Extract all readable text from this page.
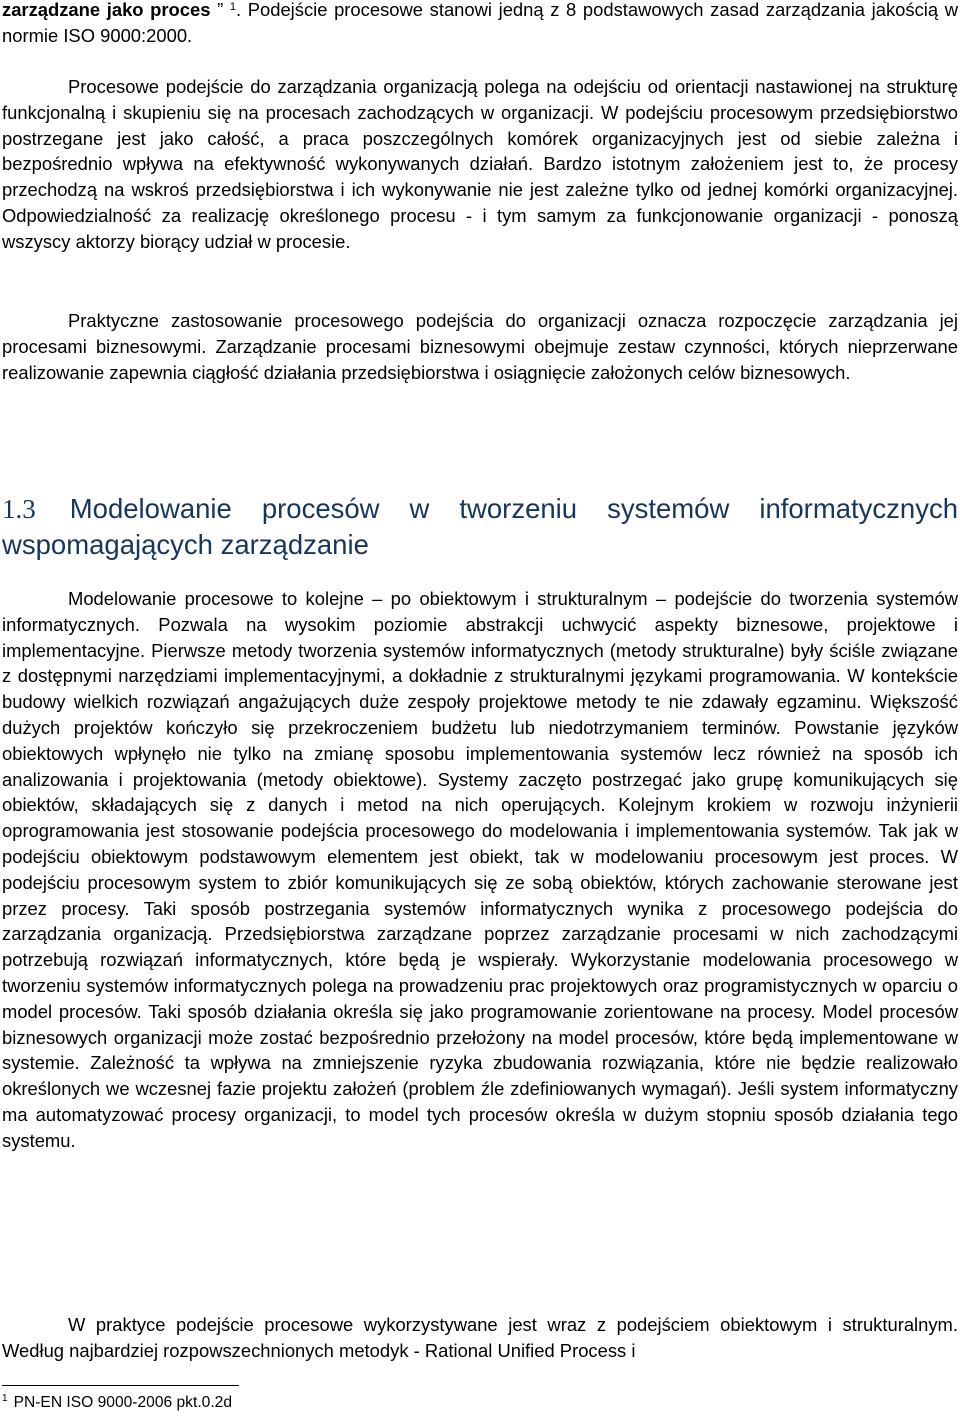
zarządzane jako proces ” $^1$. Podejście procesowe stanowi jedną z 8 podstawowych zasad zarządzania jakością w normie ISO 9000:2000.

Procesowe podejście do zarządzania organizacją polega na odejściu od orientacji nastawionej na strukturę funkcjonalną i skupieniu się na procesach zachodzących w organizacji. W podejściu procesowym przedsiębiorstwo postrzegane jest jako całość, a praca poszczególnych komórek organizacyjnych jest od siebie zależna i bezpośrednio wpływa na efektywność wykonywanych działań. Bardzo istotnym założeniem jest to, że procesy przechodzą na wskroś przedsiębiorstwa i ich wykonywanie nie jest zależne tylko od jednej komórki organizacyjnej. Odpowiedzialność za realizację określonego procesu - i tym samym za funkcjonowanie organizacji - ponoszą wszyscy aktorzy biorący udział w procesie.

Praktyczne zastosowanie procesowego podejścia do organizacji oznacza rozpoczęcie zarządzania jej procesami biznesowymi. Zarządzanie procesami biznesowymi obejmuje zestaw czynności, których nieprzerwane realizowanie zapewnia ciągłość działania przedsiębiorstwa i osiągnięcie założonych celów biznesowych.

1.3 Modelowanie procesów w tworzeniu systemów informatycznych wspomagających zarządzanie

Modelowanie procesowe to kolejne – po obiektowym i strukturalnym – podejście do tworzenia systemów informatycznych. Pozwala na wysokim poziomie abstrakcji uchwycić aspekty biznesowe, projektowe i implementacyjne. Pierwsze metody tworzenia systemów informatycznych (metody strukturalne) były ściśle związane z dostępnymi narzędziami implementacyjnymi, a dokładnie z strukturalnymi językami programowania. W kontekście budowy wielkich rozwiązań angażujących duże zespoły projektowe metody te nie zdawały egzaminu. Większość dużych projektów kończyło się przekroczeniem budżetu lub niedotrzymaniem terminów. Powstanie języków obiektowych wpłynęło nie tylko na zmianę sposobu implementowania systemów lecz również na sposób ich analizowania i projektowania (metody obiektowe). Systemy zaczęto postrzegać jako grupę komunikujących się obiektów, składających się z danych i metod na nich operujących. Kolejnym krokiem w rozwoju inżynierii oprogramowania jest stosowanie podejścia procesowego do modelowania i implementowania systemów. Tak jak w podejściu obiektowym podstawowym elementem jest obiekt, tak w modelowaniu procesowym jest proces. W podejściu procesowym system to zbiór komunikujących się ze sobą obiektów, których zachowanie sterowane jest przez procesy. Taki sposób postrzegania systemów informatycznych wynika z procesowego podejścia do zarządzania organizacją. Przedsiębiorstwa zarządzane poprzez zarządzanie procesami w nich zachodzącymi potrzebują rozwiązań informatycznych, które będą je wspierały. Wykorzystanie modelowania procesowego w tworzeniu systemów informatycznych polega na prowadzeniu prac projektowych oraz programistycznych w oparciu o model procesów. Taki sposób działania określa się jako programowanie zorientowane na procesy. Model procesów biznesowych organizacji może zostać bezpośrednio przełożony na model procesów, które będą implementowane w systemie. Zależność ta wpływa na zmniejszenie ryzyka zbudowania rozwiązania, które nie będzie realizowało określonych we wczesnej fazie projektu założeń (problem źle zdefiniowanych wymagań). Jeśli system informatyczny ma automatyzować procesy organizacji, to model tych procesów określa w dużym stopniu sposób działania tego systemu.

W praktyce podejście procesowe wykorzystywane jest wraz z podejściem obiektowym i strukturalnym. Według najbardziej rozpowszechnionych metodyk - Rational Unified Process i

$^1$ PN-EN ISO 9000-2006 pkt.0.2d
